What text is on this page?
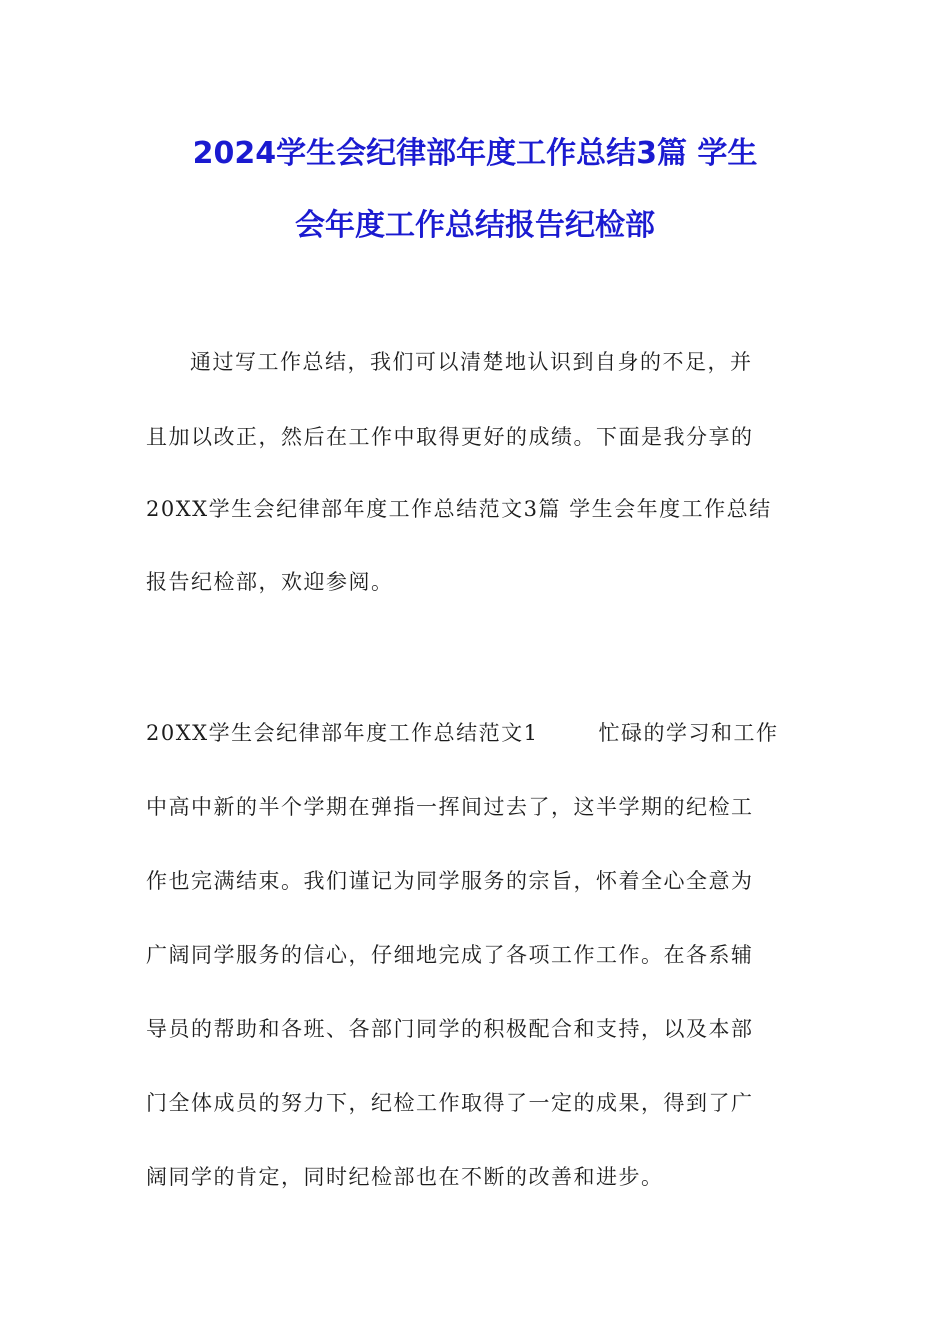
2024学生会纪律部年度工作总结3篇 学生
会年度工作总结报告纪检部
通过写工作总结，我们可以清楚地认识到自身的不足，并
且加以改正，然后在工作中取得更好的成绩。下面是我分享的
20XX学生会纪律部年度工作总结范文3篇 学生会年度工作总结
报告纪检部，欢迎参阅。
20XX学生会纪律部年度工作总结范文1	忙碌的学习和工作
中高中新的半个学期在弹指一挥间过去了，这半学期的纪检工
作也完满结束。我们谨记为同学服务的宗旨，怀着全心全意为
广阔同学服务的信心，仔细地完成了各项工作工作。在各系辅
导员的帮助和各班、各部门同学的积极配合和支持，以及本部
门全体成员的努力下，纪检工作取得了一定的成果，得到了广
阔同学的肯定，同时纪检部也在不断的改善和进步。
